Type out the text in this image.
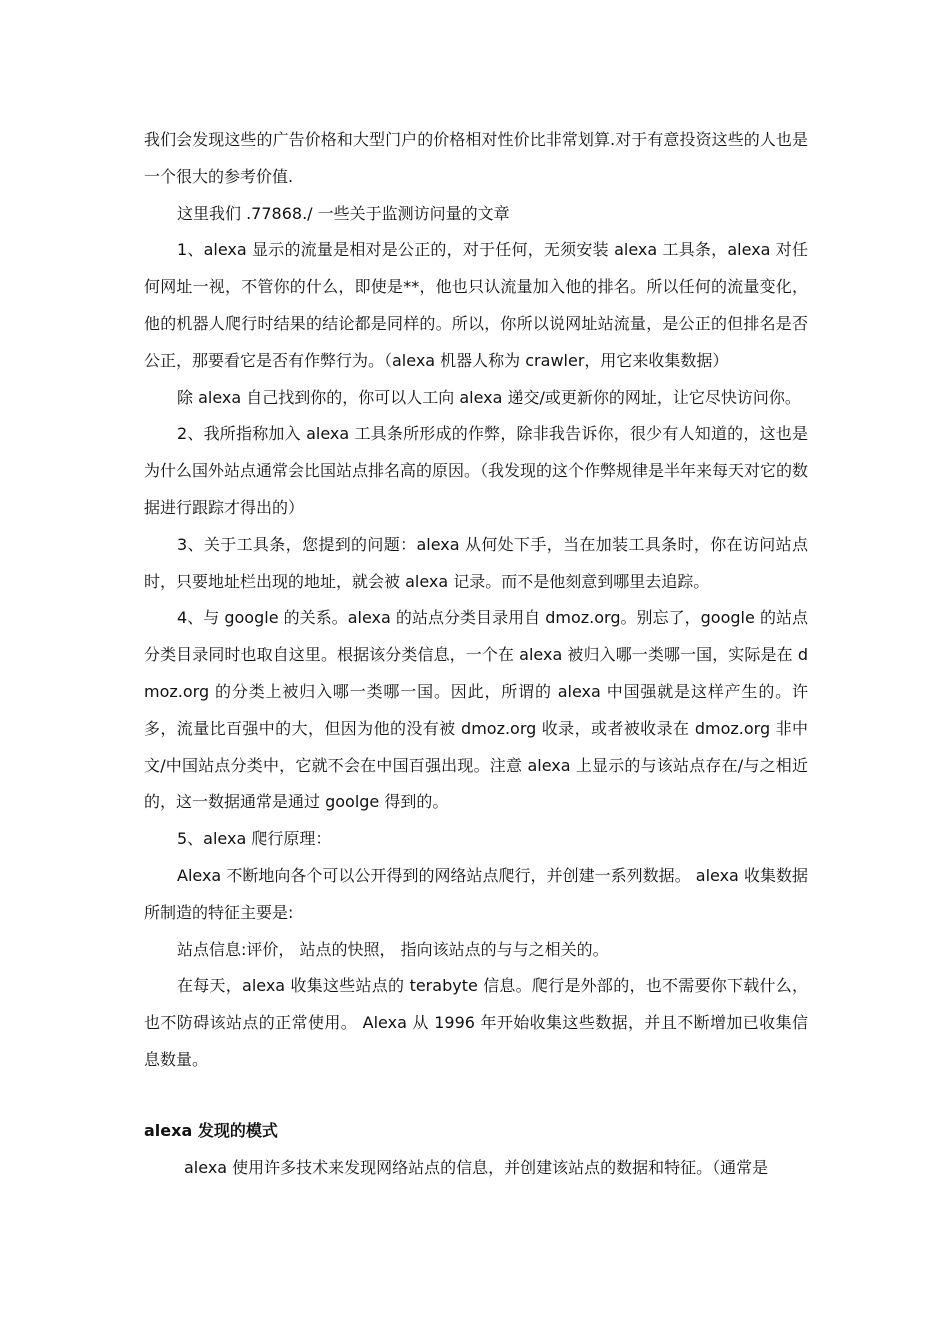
我们会发现这些的广告价格和大型门户的价格相对性价比非常划算.对于有意投资这些的人也是一个很大的参考价值.

这里我们 .77868./ 一些关于监测访问量的文章

1、alexa 显示的流量是相对是公正的，对于任何，无须安装 alexa 工具条，alexa 对任何网址一视，不管你的什么，即使是**，他也只认流量加入他的排名。所以任何的流量变化，他的机器人爬行时结果的结论都是同样的。所以，你所以说网址站流量，是公正的但排名是否公正，那要看它是否有作弊行为。（alexa 机器人称为 crawler，用它来收集数据）

除 alexa 自己找到你的，你可以人工向 alexa 递交/或更新你的网址，让它尽快访问你。

2、我所指称加入 alexa 工具条所形成的作弊，除非我告诉你，很少有人知道的，这也是为什么国外站点通常会比国站点排名高的原因。（我发现的这个作弊规律是半年来每天对它的数据进行跟踪才得出的）

3、关于工具条，您提到的问题：alexa 从何处下手，当在加装工具条时，你在访问站点时，只要地址栏出现的地址，就会被 alexa 记录。而不是他刻意到哪里去追踪。

4、与 google 的关系。alexa 的站点分类目录用自 dmoz.org。别忘了，google 的站点分类目录同时也取自这里。根据该分类信息，一个在 alexa 被归入哪一类哪一国，实际是在 dmoz.org 的分类上被归入哪一类哪一国。因此，所谓的 alexa 中国强就是这样产生的。许多，流量比百强中的大，但因为他的没有被 dmoz.org 收录，或者被收录在 dmoz.org 非中文/中国站点分类中，它就不会在中国百强出现。注意 alexa 上显示的与该站点存在/与之相近的，这一数据通常是通过 goolge 得到的。

5、alexa 爬行原理：

Alexa 不断地向各个可以公开得到的网络站点爬行，并创建一系列数据。 alexa 收集数据所制造的特征主要是:

站点信息:评价， 站点的快照， 指向该站点的与与之相关的。

在每天，alexa 收集这些站点的 terabyte 信息。爬行是外部的，也不需要你下载什么，也不防碍该站点的正常使用。 Alexa 从 1996 年开始收集这些数据，并且不断增加已收集信息数量。

alexa 发现的模式

alexa 使用许多技术来发现网络站点的信息，并创建该站点的数据和特征。（通常是
